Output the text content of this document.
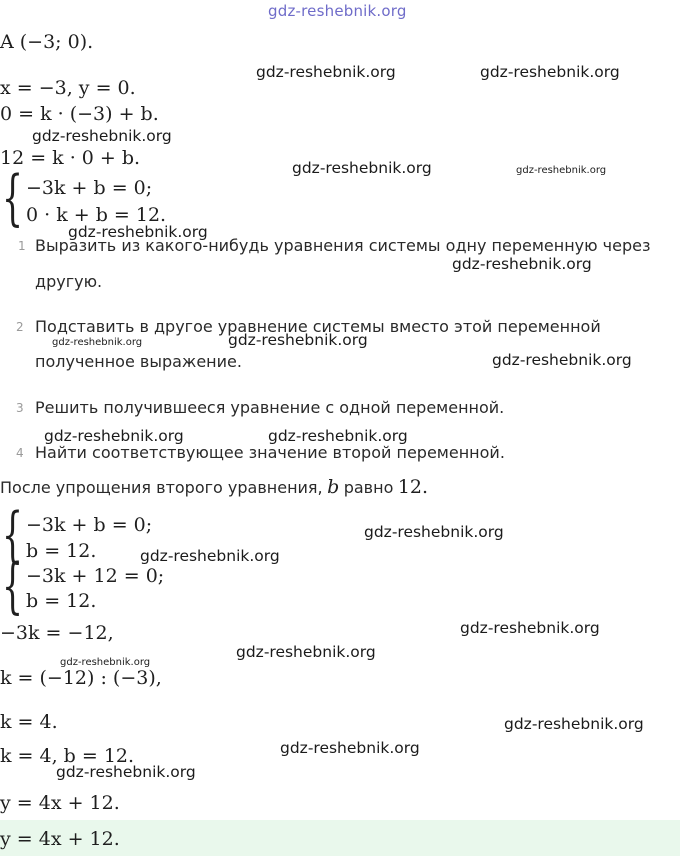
gdz-reshebnik.org
A (−3; 0).
x = −3, y = 0.
0 = k · (−3) + b.
12 = k · 0 + b.
{ −3k + b = 0;
0 · k + b = 12.
1 Выразить из какого-нибудь уравнения системы одну переменную через
другую.
2 Подставить в другое уравнение системы вместо этой переменной
полученное выражение.
3 Решить получившееся уравнение с одной переменной.
4 Найти соответствующее значение второй переменной.
После упрощения второго уравнения, b равно 12.
{ −3k + b = 0;
b = 12.
{ −3k + 12 = 0;
b = 12.
−3k = −12,
k = (−12) : (−3),
k = 4.
k = 4, b = 12.
y = 4x + 12.
y = 4x + 12.
gdz-reshebnik.org	gdz-reshebnik.org
gdz-reshebnik.org
gdz-reshebnik.org	gdz-reshebnik.org
gdz-reshebnik.org
gdz-reshebnik.org
gdz-reshebnik.org	gdz-reshebnik.org
gdz-reshebnik.org
gdz-reshebnik.org	gdz-reshebnik.org
gdz-reshebnik.org
gdz-reshebnik.org
gdz-reshebnik.org
gdz-reshebnik.org
gdz-reshebnik.org
gdz-reshebnik.org
gdz-reshebnik.org
gdz-reshebnik.org
